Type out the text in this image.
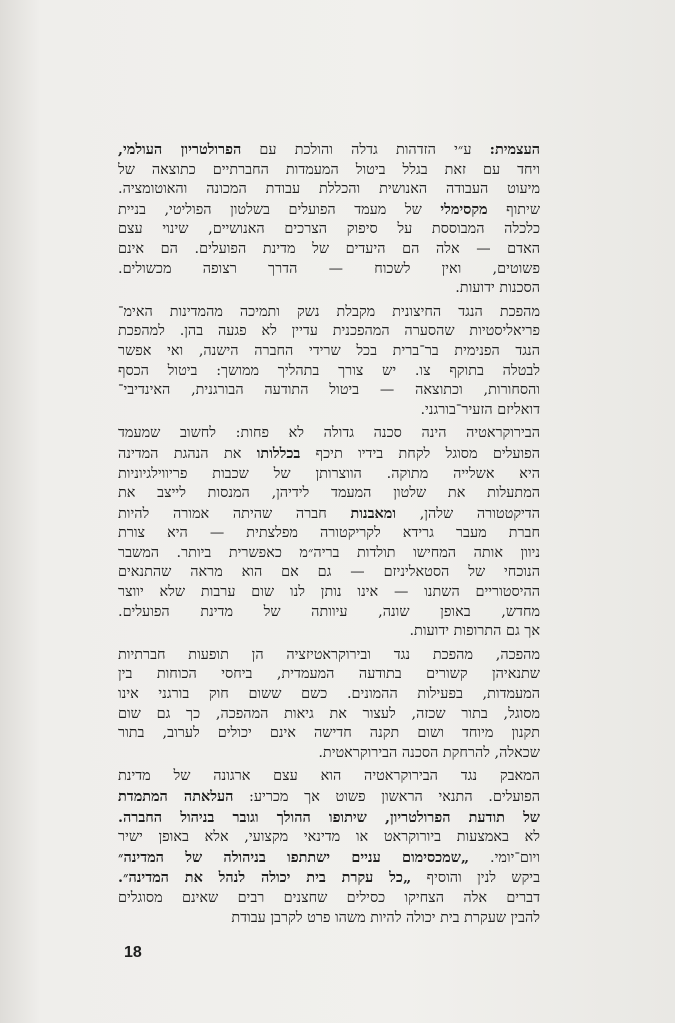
העצמית: ע״י הזדהות גדלה והולכת עם הפרולטריון העולמי,
ויחד עם זאת בגלל ביטול המעמדות החברתיים כתוצאה של
מיעוט העבודה האנושית והכללת עבודת המכונה והאוטומציה.
שיתוף מקסימלי של מעמד הפועלים בשלטון הפוליטי, בניית
כלכלה המבוססת על סיפוק הצרכים האנושיים, שינוי עצם
האדם — אלה הם היעדים של מדינת הפועלים. הם אינם
פשוטים, ואין לשכוח — הדרך רצופה מכשולים.
הסכנות ידועות.

מהפכת הנגד החיצונית מקבלת נשק ותמיכה מהמדינות האימ־
פריאליסטיות שהסערה המהפכנית עדיין לא פגעה בהן. למהפכת
הנגד הפנימית בר־ברית בכל שרידי החברה הישנה, ואי אפשר
לבטלה בתוקף צו. יש צורך בתהליך ממושך: ביטול הכסף
והסחורות, וכתוצאה — ביטול התודעה הבורגנית, האינדיבי־
דואליזם הזעיר־בורגני.

הבירוקראטיה הינה סכנה גדולה לא פחות: לחשוב שמעמד
הפועלים מסוגל לקחת בידיו תיכף בכללותו את הנהגת המדינה
היא אשלייה מתוקה. הווצרותן של שכבות פריווילגיוניות
המתעלות את שלטון המעמד לידיהן, המנסות לייצב את
הדיקטטורה שלהן, ומאבנות חברה שהיתה אמורה להיות
חברת מעבר גרידא לקריקטורה מפלצתית — היא צורת
ניוון אותה המחישו תולדות בריה״מ כאפשרית ביותר. המשבר
הנוכחי של הסטאליניזם — גם אם הוא מראה שהתנאים
ההיסטוריים השתנו — אינו נותן לנו שום ערבות שלא יווצר
מחדש, באופן שונה, עיוותה של מדינת הפועלים.
אך גם התרופות ידועות.

מהפכה, מהפכת נגד ובירוקראטיזציה הן תופעות חברתיות
שתנאיהן קשורים בתודעה המעמדית, ביחסי הכוחות בין
המעמדות, בפעילות ההמונים. כשם ששום חוק בורגני אינו
מסוגל, בתור שכזה, לעצור את גיאות המהפכה, כך גם שום
תקנון מיוחד ושום תקנה חדישה אינם יכולים לערוב, בתור
שכאלה, להרחקת הסכנה הבירוקראטית.

המאבק נגד הבירוקראטיה הוא עצם ארגונה של מדינת
הפועלים. התנאי הראשון פשוט אך מכריע: העלאתה המתמדת
של תודעת הפרולטריון, שיתופו ההולך וגובר בניהול החברה.
לא באמצעות ביורוקראט או מדינאי מקצועי, אלא באופן ישיר
ויום־יומי. „שמכסימום עניים ישתתפו בניהולה של המדינה״
ביקש לנין והוסיף „כל עקרת בית יכולה לנהל את המדינה״.
דברים אלה הצחיקו כסילים שחצנים רבים שאינם מסוגלים
להבין שעקרת בית יכולה להיות משהו פרט לקרבן עבודת

18
